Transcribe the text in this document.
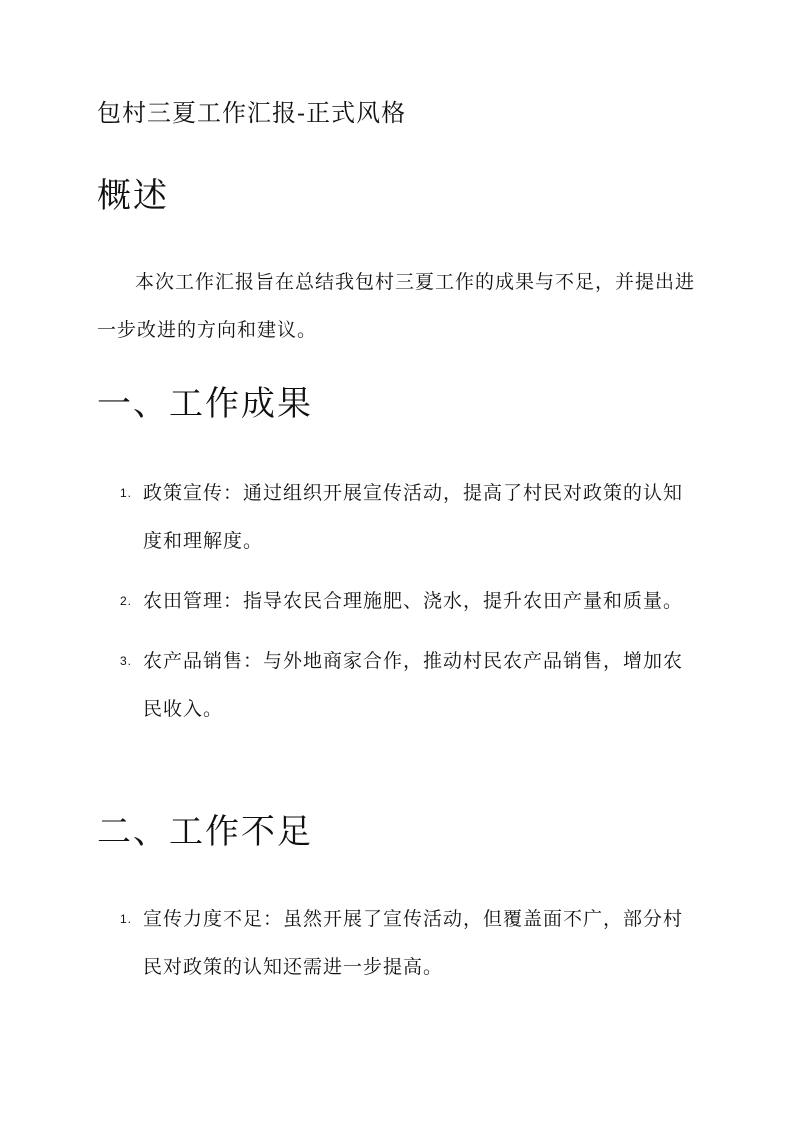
包村三夏工作汇报-正式风格
概述
本次工作汇报旨在总结我包村三夏工作的成果与不足，并提出进一步改进的方向和建议。
一、工作成果
1. 政策宣传：通过组织开展宣传活动，提高了村民对政策的认知度和理解度。
2. 农田管理：指导农民合理施肥、浇水，提升农田产量和质量。
3. 农产品销售：与外地商家合作，推动村民农产品销售，增加农民收入。
二、工作不足
1. 宣传力度不足：虽然开展了宣传活动，但覆盖面不广，部分村民对政策的认知还需进一步提高。
